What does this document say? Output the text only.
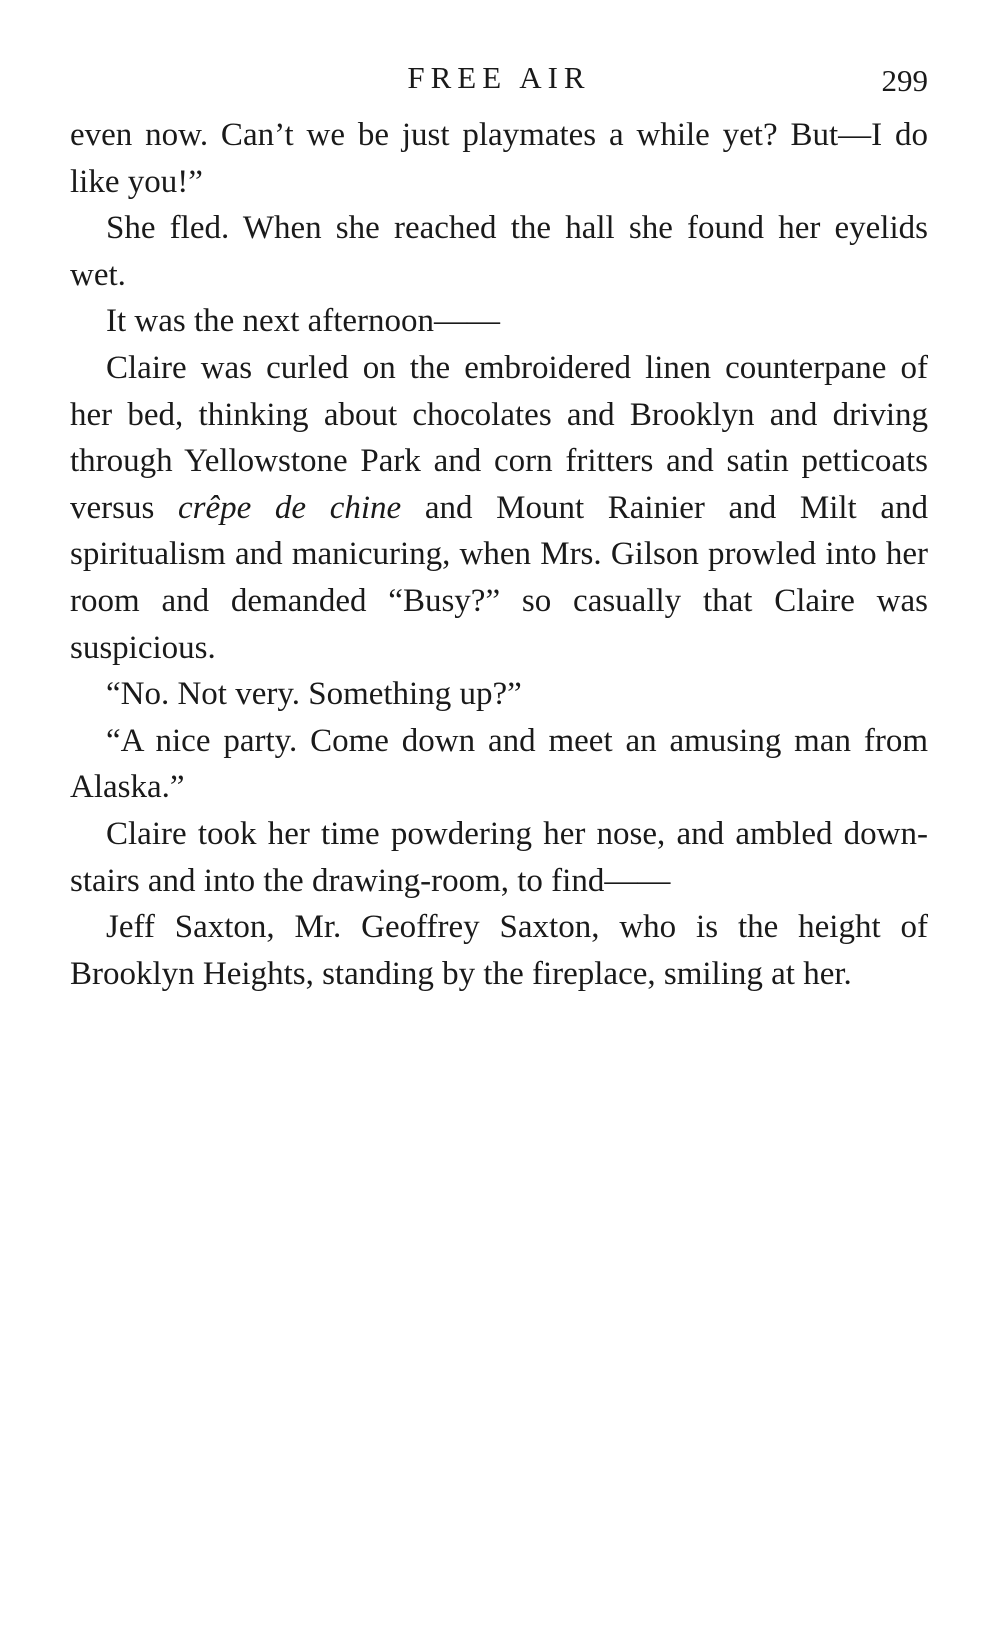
FREE AIR	299

even now. Can’t we be just playmates a while yet? But—I do like you!”

She fled. When she reached the hall she found her eyelids wet.

It was the next afternoon——

Claire was curled on the embroidered linen counterpane of her bed, thinking about chocolates and Brooklyn and driving through Yellowstone Park and corn fritters and satin petticoats versus crêpe de chine and Mount Rainier and Milt and spiritualism and manicuring, when Mrs. Gilson prowled into her room and demanded “Busy?” so casually that Claire was suspicious.

“No. Not very. Something up?”

“A nice party. Come down and meet an amusing man from Alaska.”

Claire took her time powdering her nose, and ambled down-stairs and into the drawing-room, to find——

Jeff Saxton, Mr. Geoffrey Saxton, who is the height of Brooklyn Heights, standing by the fireplace, smiling at her.
